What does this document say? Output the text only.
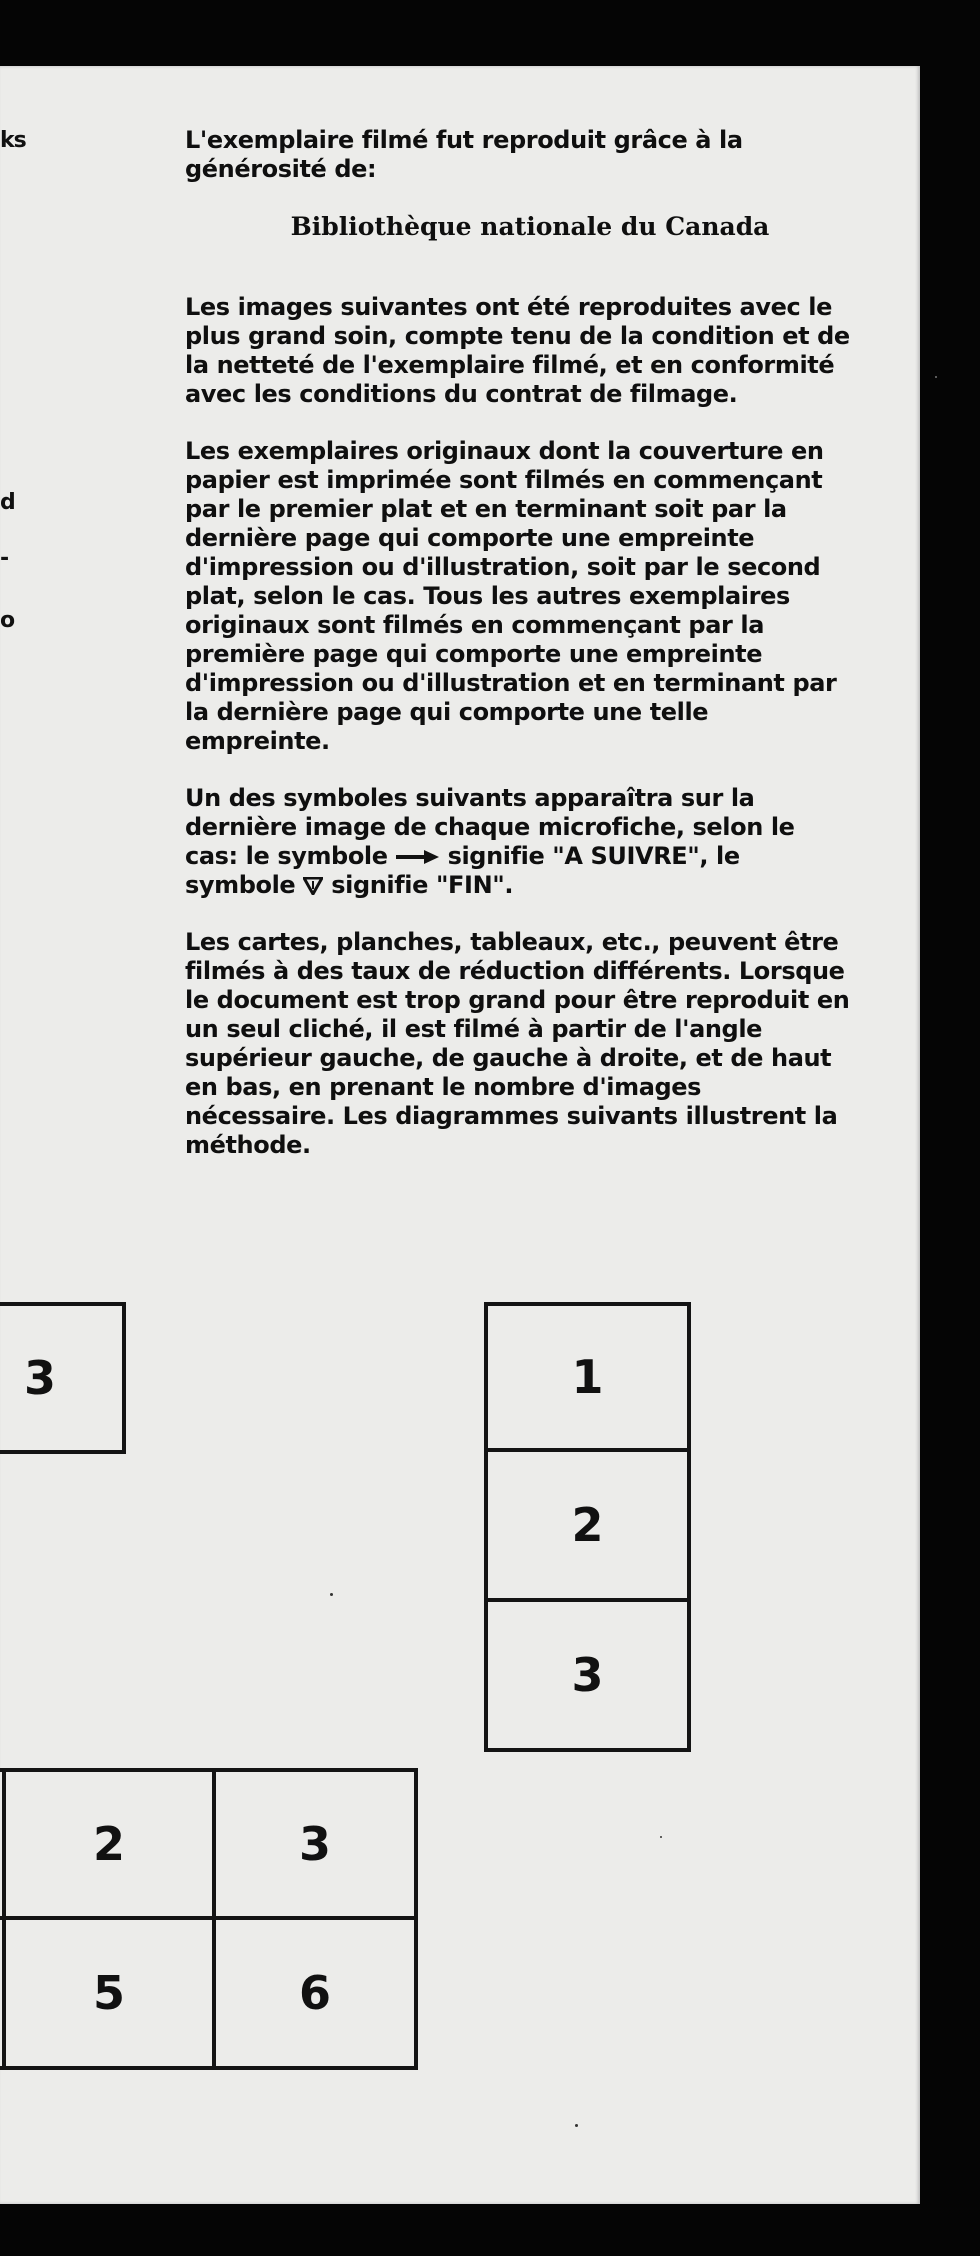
ks
d
-
o

L'exemplaire filmé fut reproduit grâce à la générosité de:

Bibliothèque nationale du Canada

Les images suivantes ont été reproduites avec le plus grand soin, compte tenu de la condition et de la netteté de l'exemplaire filmé, et en conformité avec les conditions du contrat de filmage.

Les exemplaires originaux dont la couverture en papier est imprimée sont filmés en commençant par le premier plat et en terminant soit par la dernière page qui comporte une empreinte d'impression ou d'illustration, soit par le second plat, selon le cas. Tous les autres exemplaires originaux sont filmés en commençant par la première page qui comporte une empreinte d'impression ou d'illustration et en terminant par la dernière page qui comporte une telle empreinte.

Un des symboles suivants apparaîtra sur la dernière image de chaque microfiche, selon le cas: le symbole signifie "A SUIVRE", le symbole signifie "FIN".

Les cartes, planches, tableaux, etc., peuvent être filmés à des taux de réduction différents. Lorsque le document est trop grand pour être reproduit en un seul cliché, il est filmé à partir de l'angle supérieur gauche, de gauche à droite, et de haut en bas, en prenant le nombre d'images nécessaire. Les diagrammes suivants illustrent la méthode.

3	1
2
3
2	3
5	6
